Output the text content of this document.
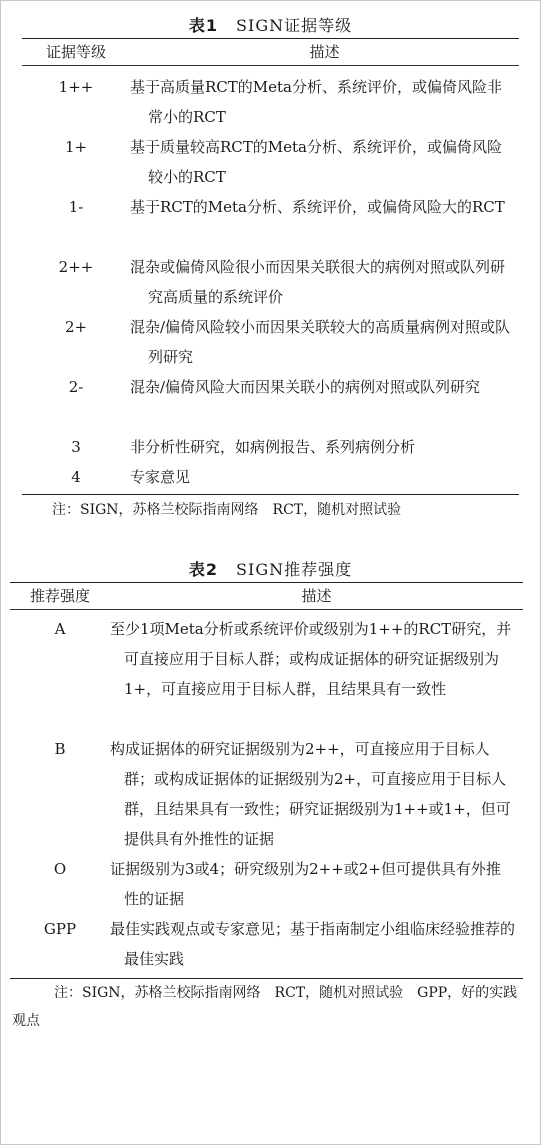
表1 SIGN证据等级
证据等级	描述
1++	基于高质量RCT的Meta分析、系统评价，或偏倚风险非常小的RCT
1+	基于质量较高RCT的Meta分析、系统评价，或偏倚风险较小的RCT
1-	基于RCT的Meta分析、系统评价，或偏倚风险大的RCT
2++	混杂或偏倚风险很小而因果关联很大的病例对照或队列研究高质量的系统评价
2+	混杂/偏倚风险较小而因果关联较大的高质量病例对照或队列研究
2-	混杂/偏倚风险大而因果关联小的病例对照或队列研究
3	非分析性研究，如病例报告、系列病例分析
4	专家意见
注：SIGN，苏格兰校际指南网络　RCT，随机对照试验
表2 SIGN推荐强度
推荐强度	描述
A	至少1项Meta分析或系统评价或级别为1++的RCT研究，并可直接应用于目标人群；或构成证据体的研究证据级别为1+，可直接应用于目标人群，且结果具有一致性
B	构成证据体的研究证据级别为2++，可直接应用于目标人群；或构成证据体的证据级别为2+，可直接应用于目标人群，且结果具有一致性；研究证据级别为1++或1+，但可提供具有外推性的证据
O	证据级别为3或4；研究级别为2++或2+但可提供具有外推性的证据
GPP	最佳实践观点或专家意见；基于指南制定小组临床经验推荐的最佳实践
注：SIGN，苏格兰校际指南网络　RCT，随机对照试验　GPP，好的实践观点
